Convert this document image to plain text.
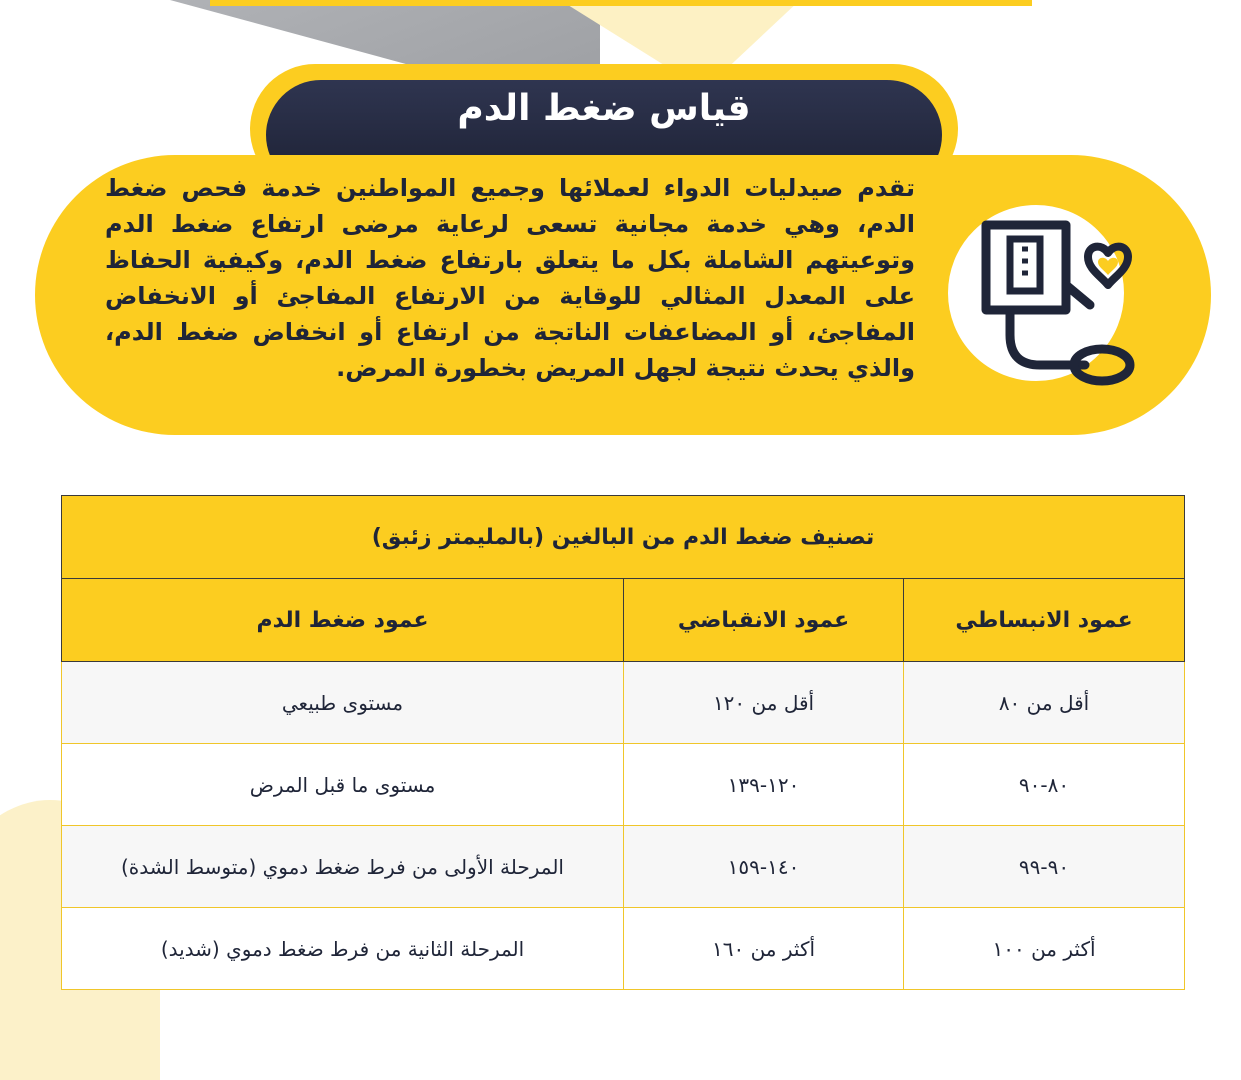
قياس ضغط الدم
تقدم صيدليات الدواء لعملائها وجميع المواطنين خدمة فحص ضغط الدم، وهي خدمة مجانية تسعى لرعاية مرضى ارتفاع ضغط الدم وتوعيتهم الشاملة بكل ما يتعلق بارتفاع ضغط الدم، وكيفية الحفاظ على المعدل المثالي للوقاية من الارتفاع المفاجئ أو الانخفاض المفاجئ، أو المضاعفات الناتجة من ارتفاع أو انخفاض ضغط الدم، والذي يحدث نتيجة لجهل المريض بخطورة المرض.
تصنيف ضغط الدم من البالغين (بالمليمتر زئبق)		
عمود الانبساطي	عمود الانقباضي	عمود ضغط الدم
أقل من ٨٠	أقل من ١٢٠	مستوى طبيعي
٨٠-٩٠	١٢٠-١٣٩	مستوى ما قبل المرض
٩٠-٩٩	١٤٠-١٥٩	المرحلة الأولى من فرط ضغط دموي (متوسط الشدة)
أكثر من ١٠٠	أكثر من ١٦٠	المرحلة الثانية من فرط ضغط دموي (شديد)
